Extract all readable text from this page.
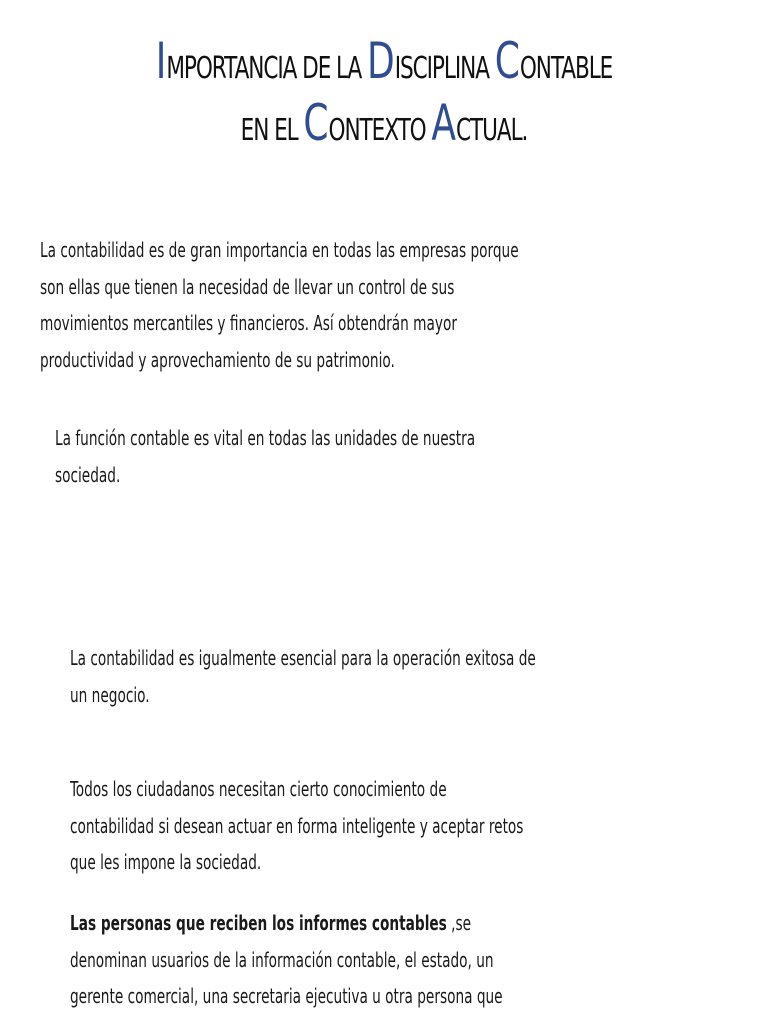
IMPORTANCIA DE LA DISCIPLINA CONTABLE
EN EL CONTEXTO ACTUAL.
La contabilidad es de gran importancia en todas las empresas porque
son ellas que tienen la necesidad de llevar un control de sus
movimientos mercantiles y financieros. Así obtendrán mayor
productividad y aprovechamiento de su patrimonio.
La función contable es vital en todas las unidades de nuestra
sociedad.
La contabilidad es igualmente esencial para la operación exitosa de
un negocio.
Todos los ciudadanos necesitan cierto conocimiento de
contabilidad si desean actuar en forma inteligente y aceptar retos
que les impone la sociedad.
Las personas que reciben los informes contables ,se
denominan usuarios de la información contable, el estado, un
gerente comercial, una secretaria ejecutiva u otra persona que
